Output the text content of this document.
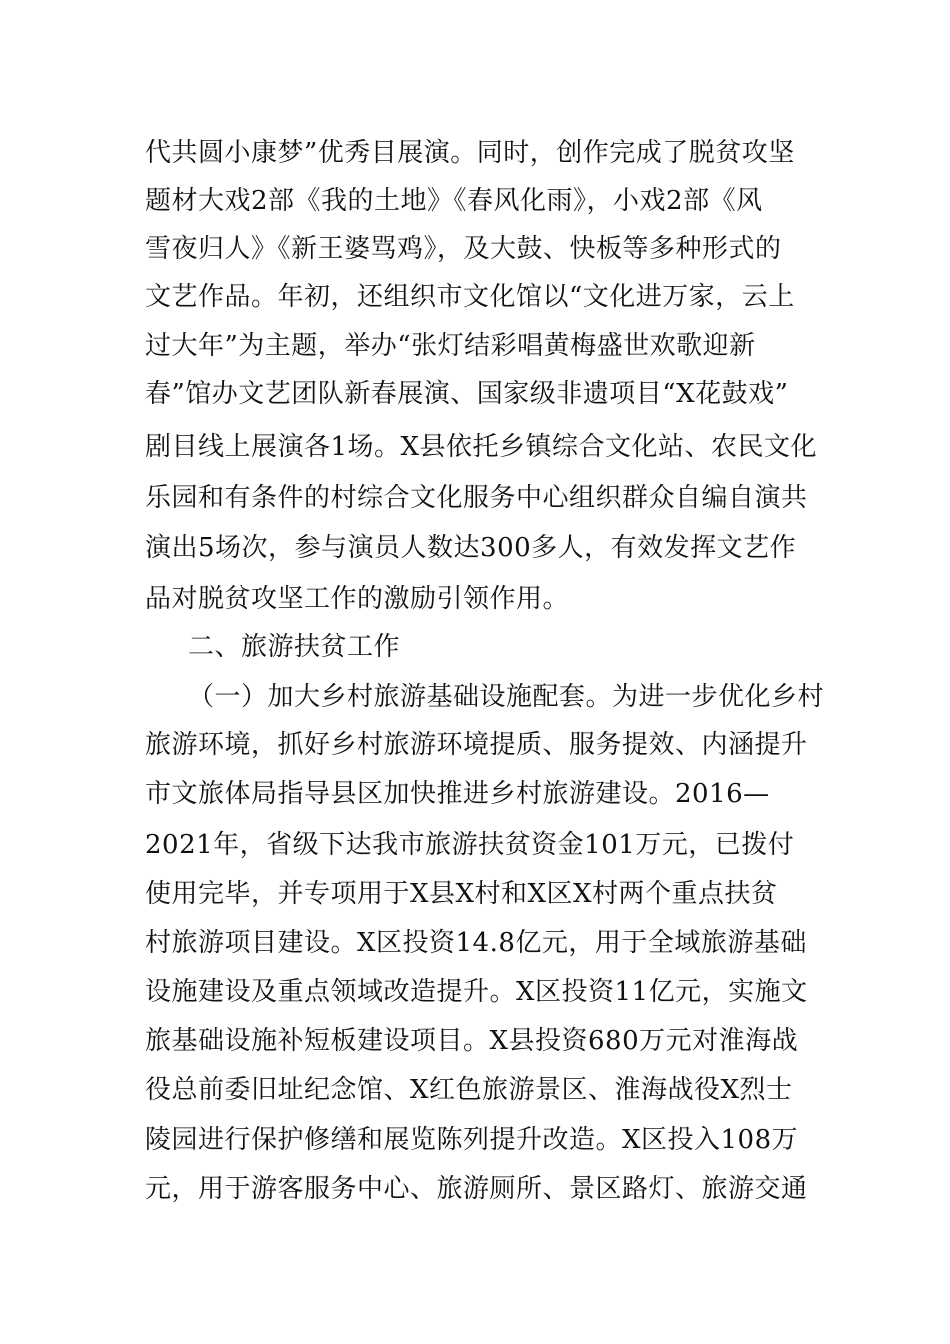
代共圆小康梦”优秀目展演。同时，创作完成了脱贫攻坚
题材大戏2部《我的土地》《春风化雨》，小戏2部《风
雪夜归人》《新王婆骂鸡》，及大鼓、快板等多种形式的
文艺作品。年初，还组织市文化馆以“文化进万家，云上
过大年”为主题，举办“张灯结彩唱黄梅盛世欢歌迎新
春”馆办文艺团队新春展演、国家级非遗项目“X花鼓戏”
剧目线上展演各1场。X县依托乡镇综合文化站、农民文化
乐园和有条件的村综合文化服务中心组织群众自编自演共
演出5场次，参与演员人数达300多人，有效发挥文艺作
品对脱贫攻坚工作的激励引领作用。
二、旅游扶贫工作
（一）加大乡村旅游基础设施配套。为进一步优化乡村
旅游环境，抓好乡村旅游环境提质、服务提效、内涵提升
市文旅体局指导县区加快推进乡村旅游建设。2016—
2021年，省级下达我市旅游扶贫资金101万元，已拨付
使用完毕，并专项用于X县X村和X区X村两个重点扶贫
村旅游项目建设。X区投资14.8亿元，用于全域旅游基础
设施建设及重点领域改造提升。X区投资11亿元，实施文
旅基础设施补短板建设项目。X县投资680万元对淮海战
役总前委旧址纪念馆、X红色旅游景区、淮海战役X烈士
陵园进行保护修缮和展览陈列提升改造。X区投入108万
元，用于游客服务中心、旅游厕所、景区路灯、旅游交通
